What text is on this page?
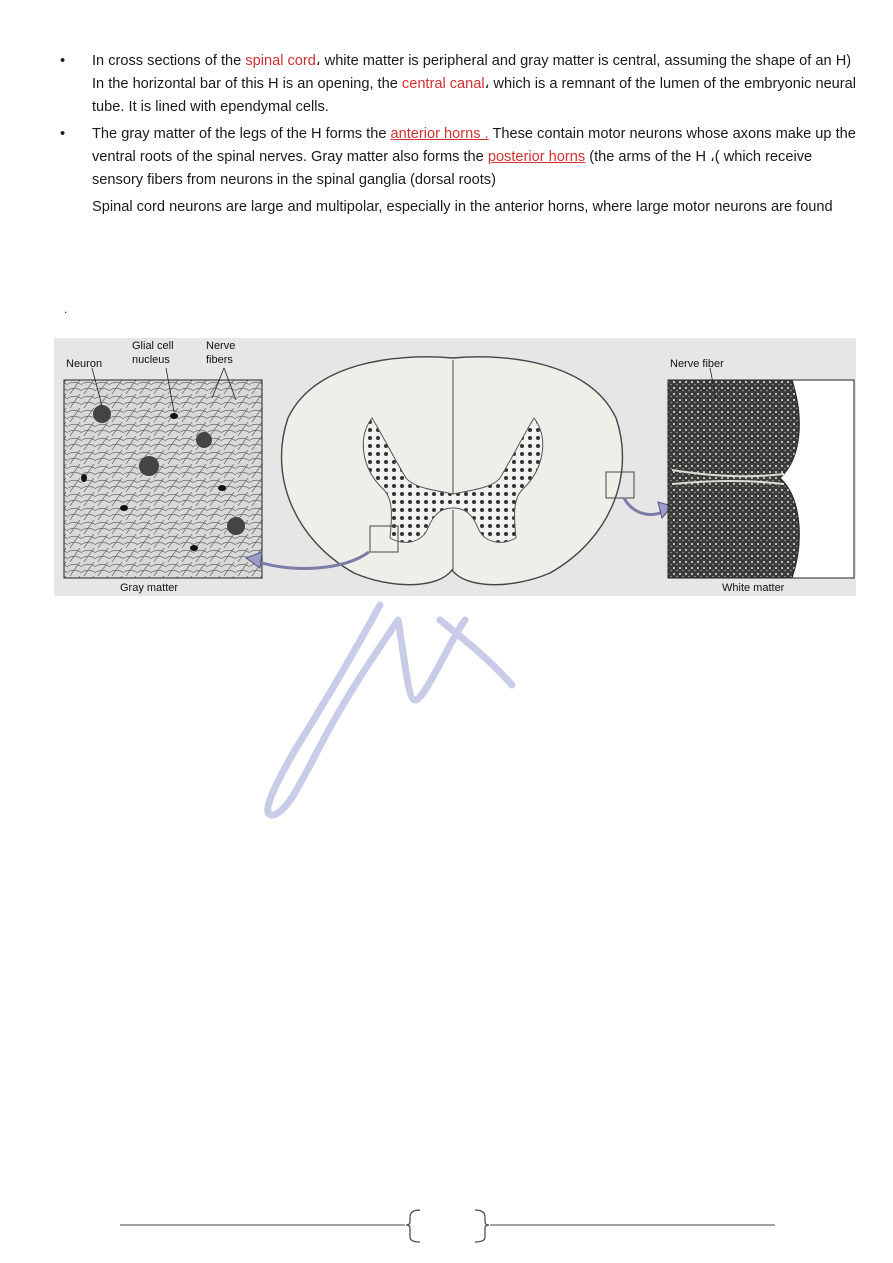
• In cross sections of the spinal cord، white matter is peripheral and gray matter is central, assuming the shape of an H) In the horizontal bar of this H is an opening, the central canal، which is a remnant of the lumen of the embryonic neural tube. It is lined with ependymal cells.
• The gray matter of the legs of the H forms the anterior horns . These contain motor neurons whose axons make up the ventral roots of the spinal nerves. Gray matter also forms the posterior horns (the arms of the H ،( which receive sensory fibers from neurons in the spinal ganglia (dorsal roots)
Spinal cord neurons are large and multipolar, especially in the anterior horns, where large motor neurons are found
.
Neuron
Glial cell
nucleus
Nerve
fibers
Gray matter
Nerve fiber
White matter
